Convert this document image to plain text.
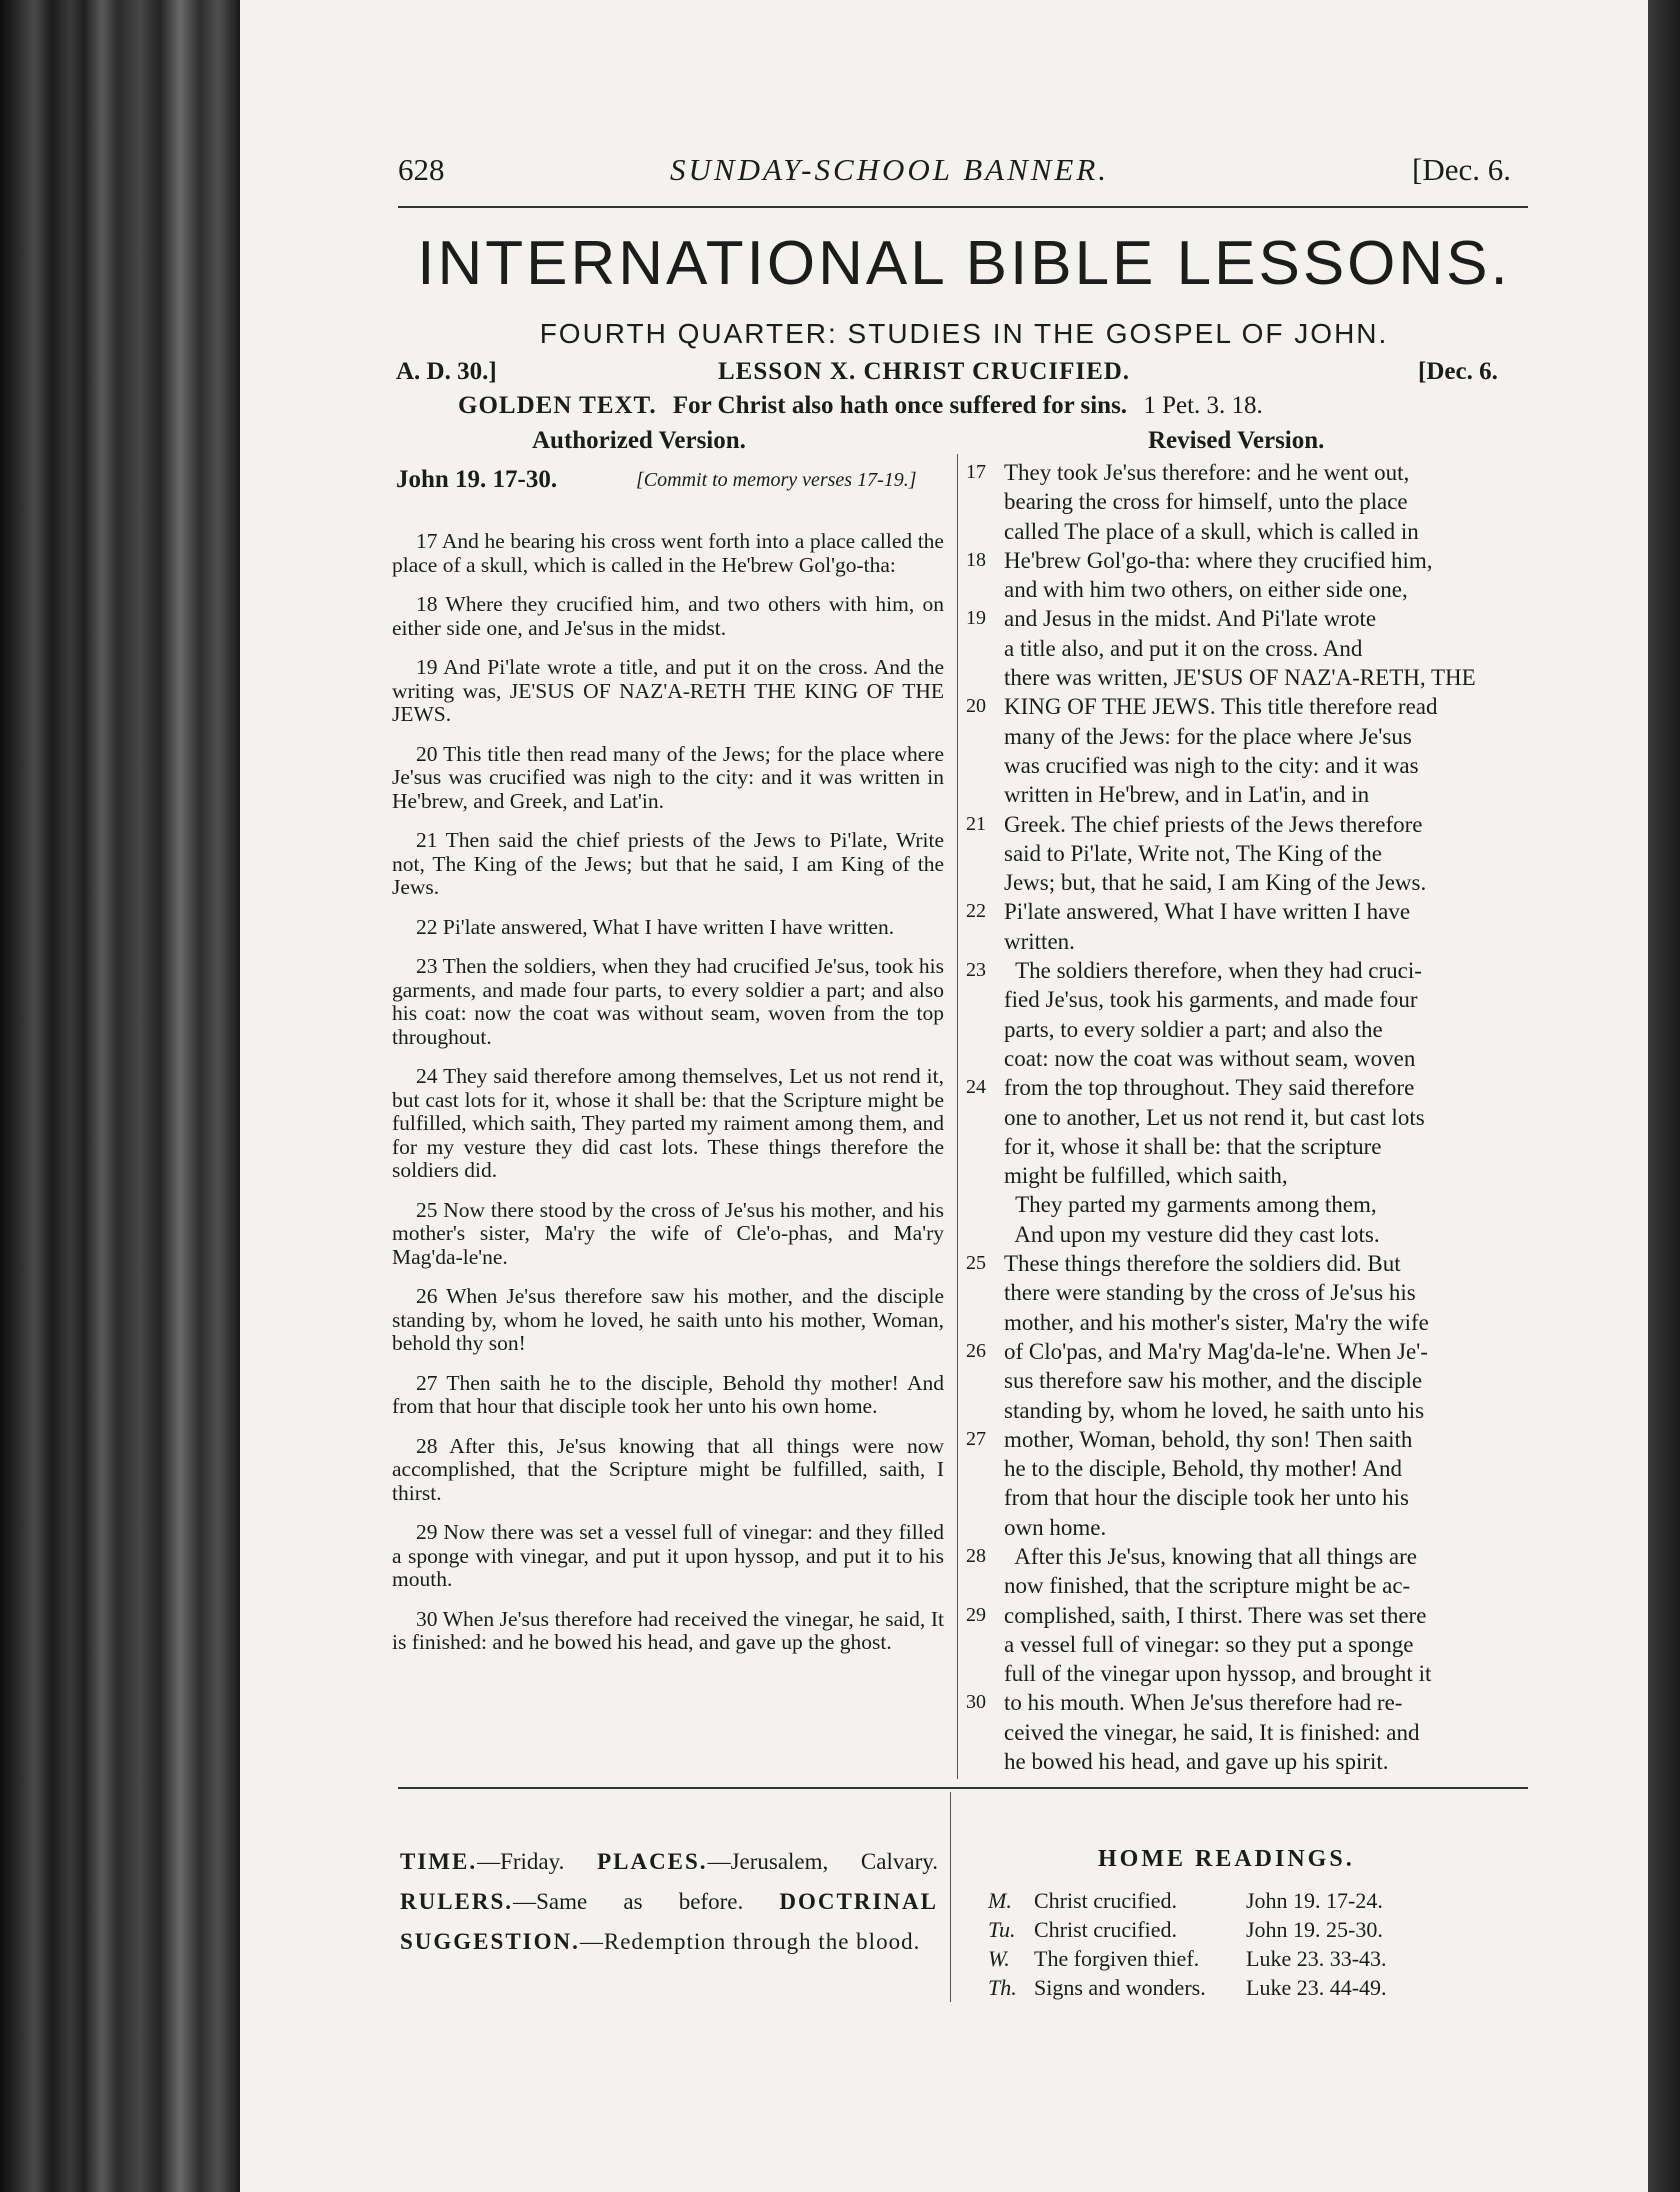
628	SUNDAY-SCHOOL BANNER.	[Dec. 6.
INTERNATIONAL BIBLE LESSONS.
FOURTH QUARTER: STUDIES IN THE GOSPEL OF JOHN.
A. D. 30.]	LESSON X. CHRIST CRUCIFIED.	[Dec. 6.
GOLDEN TEXT. For Christ also hath once suffered for sins. 1 Pet. 3. 18.
Authorized Version.	Revised Version.
John 19. 17-30.	[Commit to memory verses 17-19.]

17 And he bearing his cross went forth into a place called the place of a skull, which is called in the He'brew Gol'go-tha:

18 Where they crucified him, and two others with him, on either side one, and Je'sus in the midst.

19 And Pi'late wrote a title, and put it on the cross. And the writing was, JE'SUS OF NAZ'A-RETH THE KING OF THE JEWS.

20 This title then read many of the Jews; for the place where Je'sus was crucified was nigh to the city: and it was written in He'brew, and Greek, and Lat'in.

21 Then said the chief priests of the Jews to Pi'late, Write not, The King of the Jews; but that he said, I am King of the Jews.

22 Pi'late answered, What I have written I have written.

23 Then the soldiers, when they had crucified Je'sus, took his garments, and made four parts, to every soldier a part; and also his coat: now the coat was without seam, woven from the top throughout.

24 They said therefore among themselves, Let us not rend it, but cast lots for it, whose it shall be: that the Scripture might be fulfilled, which saith, They parted my raiment among them, and for my vesture they did cast lots. These things therefore the soldiers did.

25 Now there stood by the cross of Je'sus his mother, and his mother's sister, Ma'ry the wife of Cle'o-phas, and Ma'ry Mag'da-le'ne.

26 When Je'sus therefore saw his mother, and the disciple standing by, whom he loved, he saith unto his mother, Woman, behold thy son!

27 Then saith he to the disciple, Behold thy mother! And from that hour that disciple took her unto his own home.

28 After this, Je'sus knowing that all things were now accomplished, that the Scripture might be fulfilled, saith, I thirst.

29 Now there was set a vessel full of vinegar: and they filled a sponge with vinegar, and put it upon hyssop, and put it to his mouth.

30 When Je'sus therefore had received the vinegar, he said, It is finished: and he bowed his head, and gave up the ghost.

17 They took Je'sus therefore: and he went out,
bearing the cross for himself, unto the place
called The place of a skull, which is called in
18 He'brew Gol'go-tha: where they crucified him,
and with him two others, on either side one,
19 and Jesus in the midst. And Pi'late wrote
a title also, and put it on the cross. And
there was written, JE'SUS OF NAZ'A-RETH, THE
20 KING OF THE JEWS. This title therefore read
many of the Jews: for the place where Je'sus
was crucified was nigh to the city: and it was
written in He'brew, and in Lat'in, and in
21 Greek. The chief priests of the Jews therefore
said to Pi'late, Write not, The King of the
Jews; but, that he said, I am King of the Jews.
22 Pi'late answered, What I have written I have
written.
23 The soldiers therefore, when they had cruci-
fied Je'sus, took his garments, and made four
parts, to every soldier a part; and also the
coat: now the coat was without seam, woven
24 from the top throughout. They said therefore
one to another, Let us not rend it, but cast lots
for it, whose it shall be: that the scripture
might be fulfilled, which saith,
They parted my garments among them,
And upon my vesture did they cast lots.
25 These things therefore the soldiers did. But
there were standing by the cross of Je'sus his
mother, and his mother's sister, Ma'ry the wife
26 of Clo'pas, and Ma'ry Mag'da-le'ne. When Je'-
sus therefore saw his mother, and the disciple
standing by, whom he loved, he saith unto his
27 mother, Woman, behold, thy son! Then saith
he to the disciple, Behold, thy mother! And
from that hour the disciple took her unto his
own home.
28 After this Je'sus, knowing that all things are
now finished, that the scripture might be ac-
29 complished, saith, I thirst. There was set there
a vessel full of vinegar: so they put a sponge
full of the vinegar upon hyssop, and brought it
30 to his mouth. When Je'sus therefore had re-
ceived the vinegar, he said, It is finished: and
he bowed his head, and gave up his spirit.
TIME.—Friday. PLACES.—Jerusalem, Calvary. RULERS.—Same as before. DOCTRINAL SUGGESTION.—Redemption through the blood.
HOME READINGS.
M. Christ crucified.	John 19. 17-24.
Tu. Christ crucified.	John 19. 25-30.
W. The forgiven thief. Luke 23. 33-43.
Th. Signs and wonders. Luke 23. 44-49.
